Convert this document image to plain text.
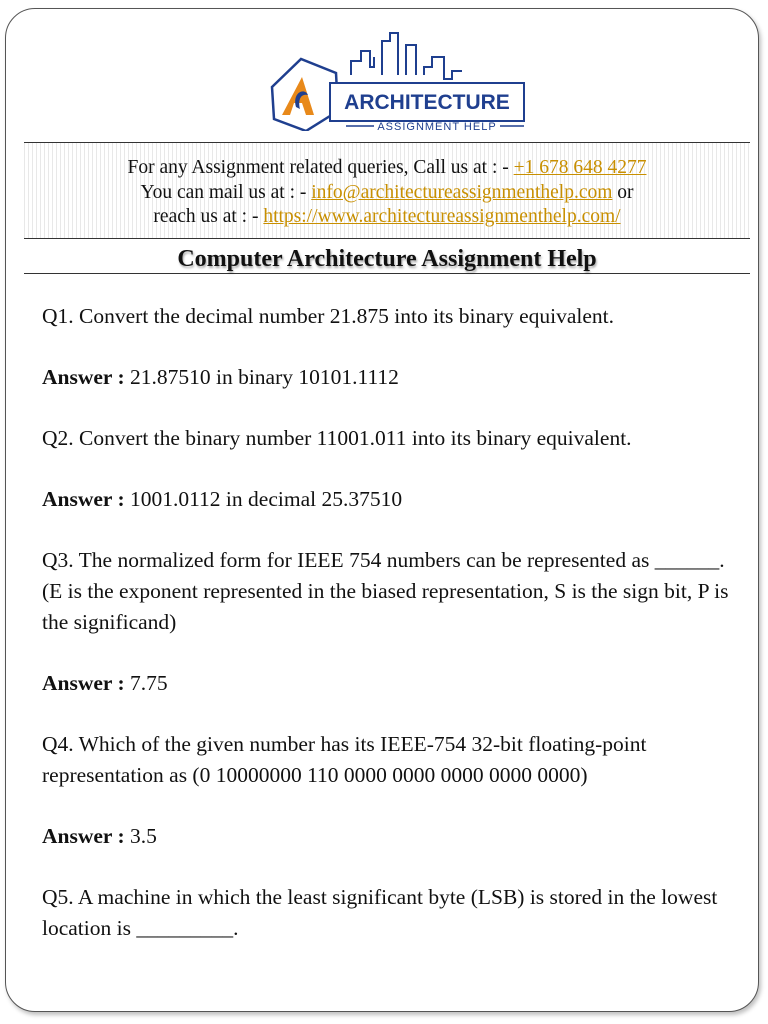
ARCHITECTURE
ASSIGNMENT HELP
For any Assignment related queries, Call us at : - +1 678 648 4277
You can mail us at : - info@architectureassignmenthelp.com or
reach us at : - https://www.architectureassignmenthelp.com/
Computer Architecture Assignment Help

Q1. Convert the decimal number 21.875 into its binary equivalent.

Answer : 21.87510 in binary 10101.1112

Q2. Convert the binary number 11001.011 into its binary equivalent.

Answer : 1001.0112 in decimal 25.37510

Q3. The normalized form for IEEE 754 numbers can be represented as ______. (E is the exponent represented in the biased representation, S is the sign bit, P is the significand)

Answer : 7.75

Q4. Which of the given number has its IEEE-754 32-bit floating-point representation as (0 10000000 110 0000 0000 0000 0000 0000)

Answer : 3.5

Q5. A machine in which the least significant byte (LSB) is stored in the lowest location is _________.
